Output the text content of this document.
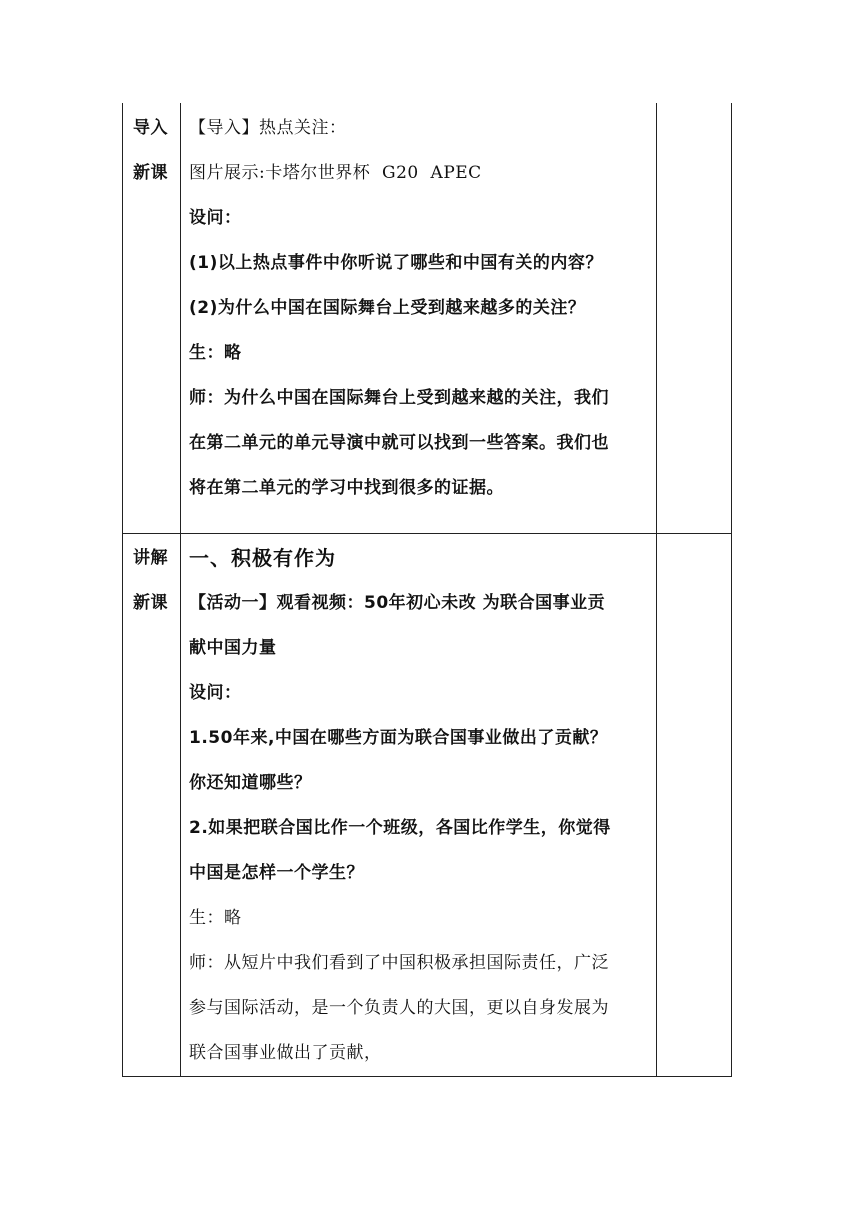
导入
新课
【导入】热点关注：
图片展示:卡塔尔世界杯  G20  APEC
设问：
(1)以上热点事件中你听说了哪些和中国有关的内容？
(2)为什么中国在国际舞台上受到越来越多的关注？
生：略
师：为什么中国在国际舞台上受到越来越的关注，我们
在第二单元的单元导演中就可以找到一些答案。我们也
将在第二单元的学习中找到很多的证据。
讲解
新课
一、积极有作为
【活动一】观看视频：50年初心未改 为联合国事业贡
献中国力量
设问：
1.50年来,中国在哪些方面为联合国事业做出了贡献？
你还知道哪些？
2.如果把联合国比作一个班级，各国比作学生，你觉得
中国是怎样一个学生？
生：略
师：从短片中我们看到了中国积极承担国际责任，广泛
参与国际活动，是一个负责人的大国，更以自身发展为
联合国事业做出了贡献，
